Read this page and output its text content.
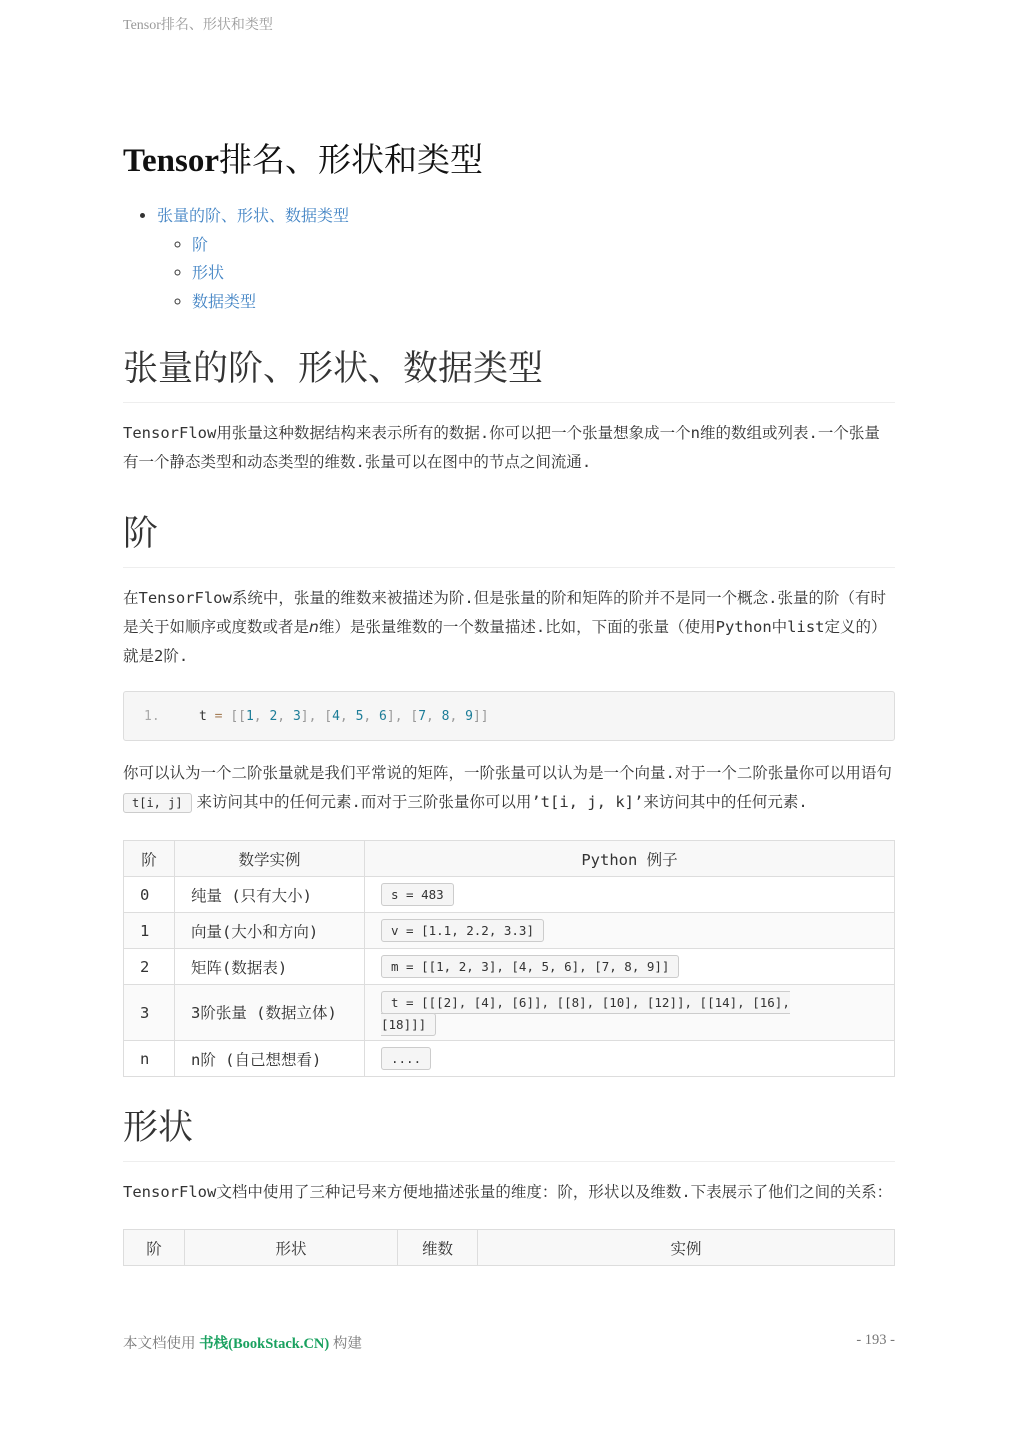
Tensor排名、形状和类型
Tensor排名、形状和类型
• 张量的阶、形状、数据类型
◦ 阶
◦ 形状
◦ 数据类型
张量的阶、形状、数据类型

TensorFlow用张量这种数据结构来表示所有的数据.你可以把一个张量想象成一个n维的数组或列表.一个张量有一个静态类型和动态类型的维数.张量可以在图中的节点之间流通.

阶

在TensorFlow系统中，张量的维数来被描述为阶.但是张量的阶和矩阵的阶并不是同一个概念.张量的阶（有时是关于如顺序或度数或者是n维）是张量维数的一个数量描述.比如，下面的张量（使用Python中list定义的）就是2阶.

1.	t = [[1, 2, 3], [4, 5, 6], [7, 8, 9]]

你可以认为一个二阶张量就是我们平常说的矩阵，一阶张量可以认为是一个向量.对于一个二阶张量你可以用语句 t[i, j] 来访问其中的任何元素.而对于三阶张量你可以用’t[i, j, k]’来访问其中的任何元素.

阶	数学实例	Python 例子
0	纯量 (只有大小)	s = 483
1	向量(大小和方向)	v = [1.1, 2.2, 3.3]
2	矩阵(数据表)	m = [[1, 2, 3], [4, 5, 6], [7, 8, 9]]
3	3阶张量 (数据立体)	t = [[[2], [4], [6]], [[8], [10], [12]], [[14], [16], [18]]]
n	n阶 (自己想想看)	....
形状

TensorFlow文档中使用了三种记号来方便地描述张量的维度：阶，形状以及维数.下表展示了他们之间的关系：

阶	形状	维数	实例
本文档使用 书栈(BookStack.CN) 构建	- 193 -
